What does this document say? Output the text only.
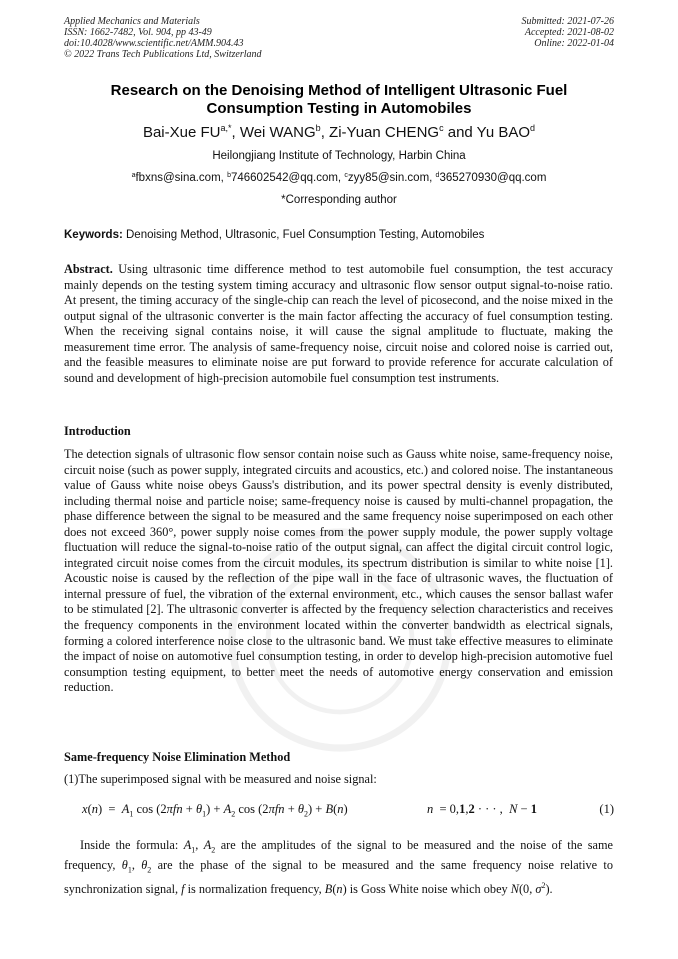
Applied Mechanics and Materials
ISSN: 1662-7482, Vol. 904, pp 43-49
doi:10.4028/www.scientific.net/AMM.904.43
© 2022 Trans Tech Publications Ltd, Switzerland
Submitted: 2021-07-26
Accepted: 2021-08-02
Online: 2022-01-04
Research on the Denoising Method of Intelligent Ultrasonic Fuel
Consumption Testing in Automobiles
Bai-Xue $FU^{a,*}$, Wei WANG$^b$, Zi-Yuan CHENG$^c$ and Yu BAO$^d$
Heilongjiang Institute of Technology, Harbin China
$^a$fbxns@sina.com, $^b$746602542@qq.com, $^c$zyy85@sin.com, $^d$365270930@qq.com
*Corresponding author
Keywords: Denoising Method, Ultrasonic, Fuel Consumption Testing, Automobiles
Abstract. Using ultrasonic time difference method to test automobile fuel consumption, the test accuracy mainly depends on the testing system timing accuracy and ultrasonic flow sensor output signal-to-noise ratio. At present, the timing accuracy of the single-chip can reach the level of picosecond, and the noise mixed in the output signal of the ultrasonic converter is the main factor affecting the accuracy of fuel consumption testing. When the receiving signal contains noise, it will cause the signal amplitude to fluctuate, making the measurement time error. The analysis of same-frequency noise, circuit noise and colored noise is carried out, and the feasible measures to eliminate noise are put forward to provide reference for accurate calculation of sound and development of high-precision automobile fuel consumption test instruments.
Introduction
The detection signals of ultrasonic flow sensor contain noise such as Gauss white noise, same-frequency noise, circuit noise (such as power supply, integrated circuits and acoustics, etc.) and colored noise. The instantaneous value of Gauss white noise obeys Gauss's distribution, and its power spectral density is evenly distributed, including thermal noise and particle noise; same-frequency noise is caused by multi-channel propagation, the phase difference between the signal to be measured and the same frequency noise superimposed on each other does not exceed 360°, power supply noise comes from the power supply module, the power supply voltage fluctuation will reduce the signal-to-noise ratio of the output signal, can affect the digital circuit control logic, integrated circuit noise comes from the circuit modules, its spectrum distribution is similar to white noise [1]. Acoustic noise is caused by the reflection of the pipe wall in the face of ultrasonic waves, the fluctuation of internal pressure of fuel, the vibration of the external environment, etc., which causes the sensor ballast wafer to be stimulated [2]. The ultrasonic converter is affected by the frequency selection characteristics and receives the frequency components in the environment located within the converter bandwidth as electrical signals, forming a colored interference noise close to the ultrasonic band. We must take effective measures to eliminate the impact of noise on automotive fuel consumption testing, in order to develop high-precision automotive fuel consumption testing equipment, to better meet the needs of automotive energy conservation and emission reduction.
Same-frequency Noise Elimination Method
(1)The superimposed signal with be measured and noise signal:
$x(n) = A_1$ $\cos (2\pi fn + \theta_1) + A_2$ $\cos (2\pi fn + \theta_2) + B(n)$	n  = 0,1,2 · · · ,  N − 1	(1)
Inside the formula: $A_1$, $A_2$ are the amplitudes of the signal to be measured and the noise of the same frequency, $\theta_1$, $\theta_2$ are the phase of the signal to be measured and the same frequency noise relative to synchronization signal, f is normalization frequency, B(n) is Goss White noise which obey N(0, $\sigma^2$).
